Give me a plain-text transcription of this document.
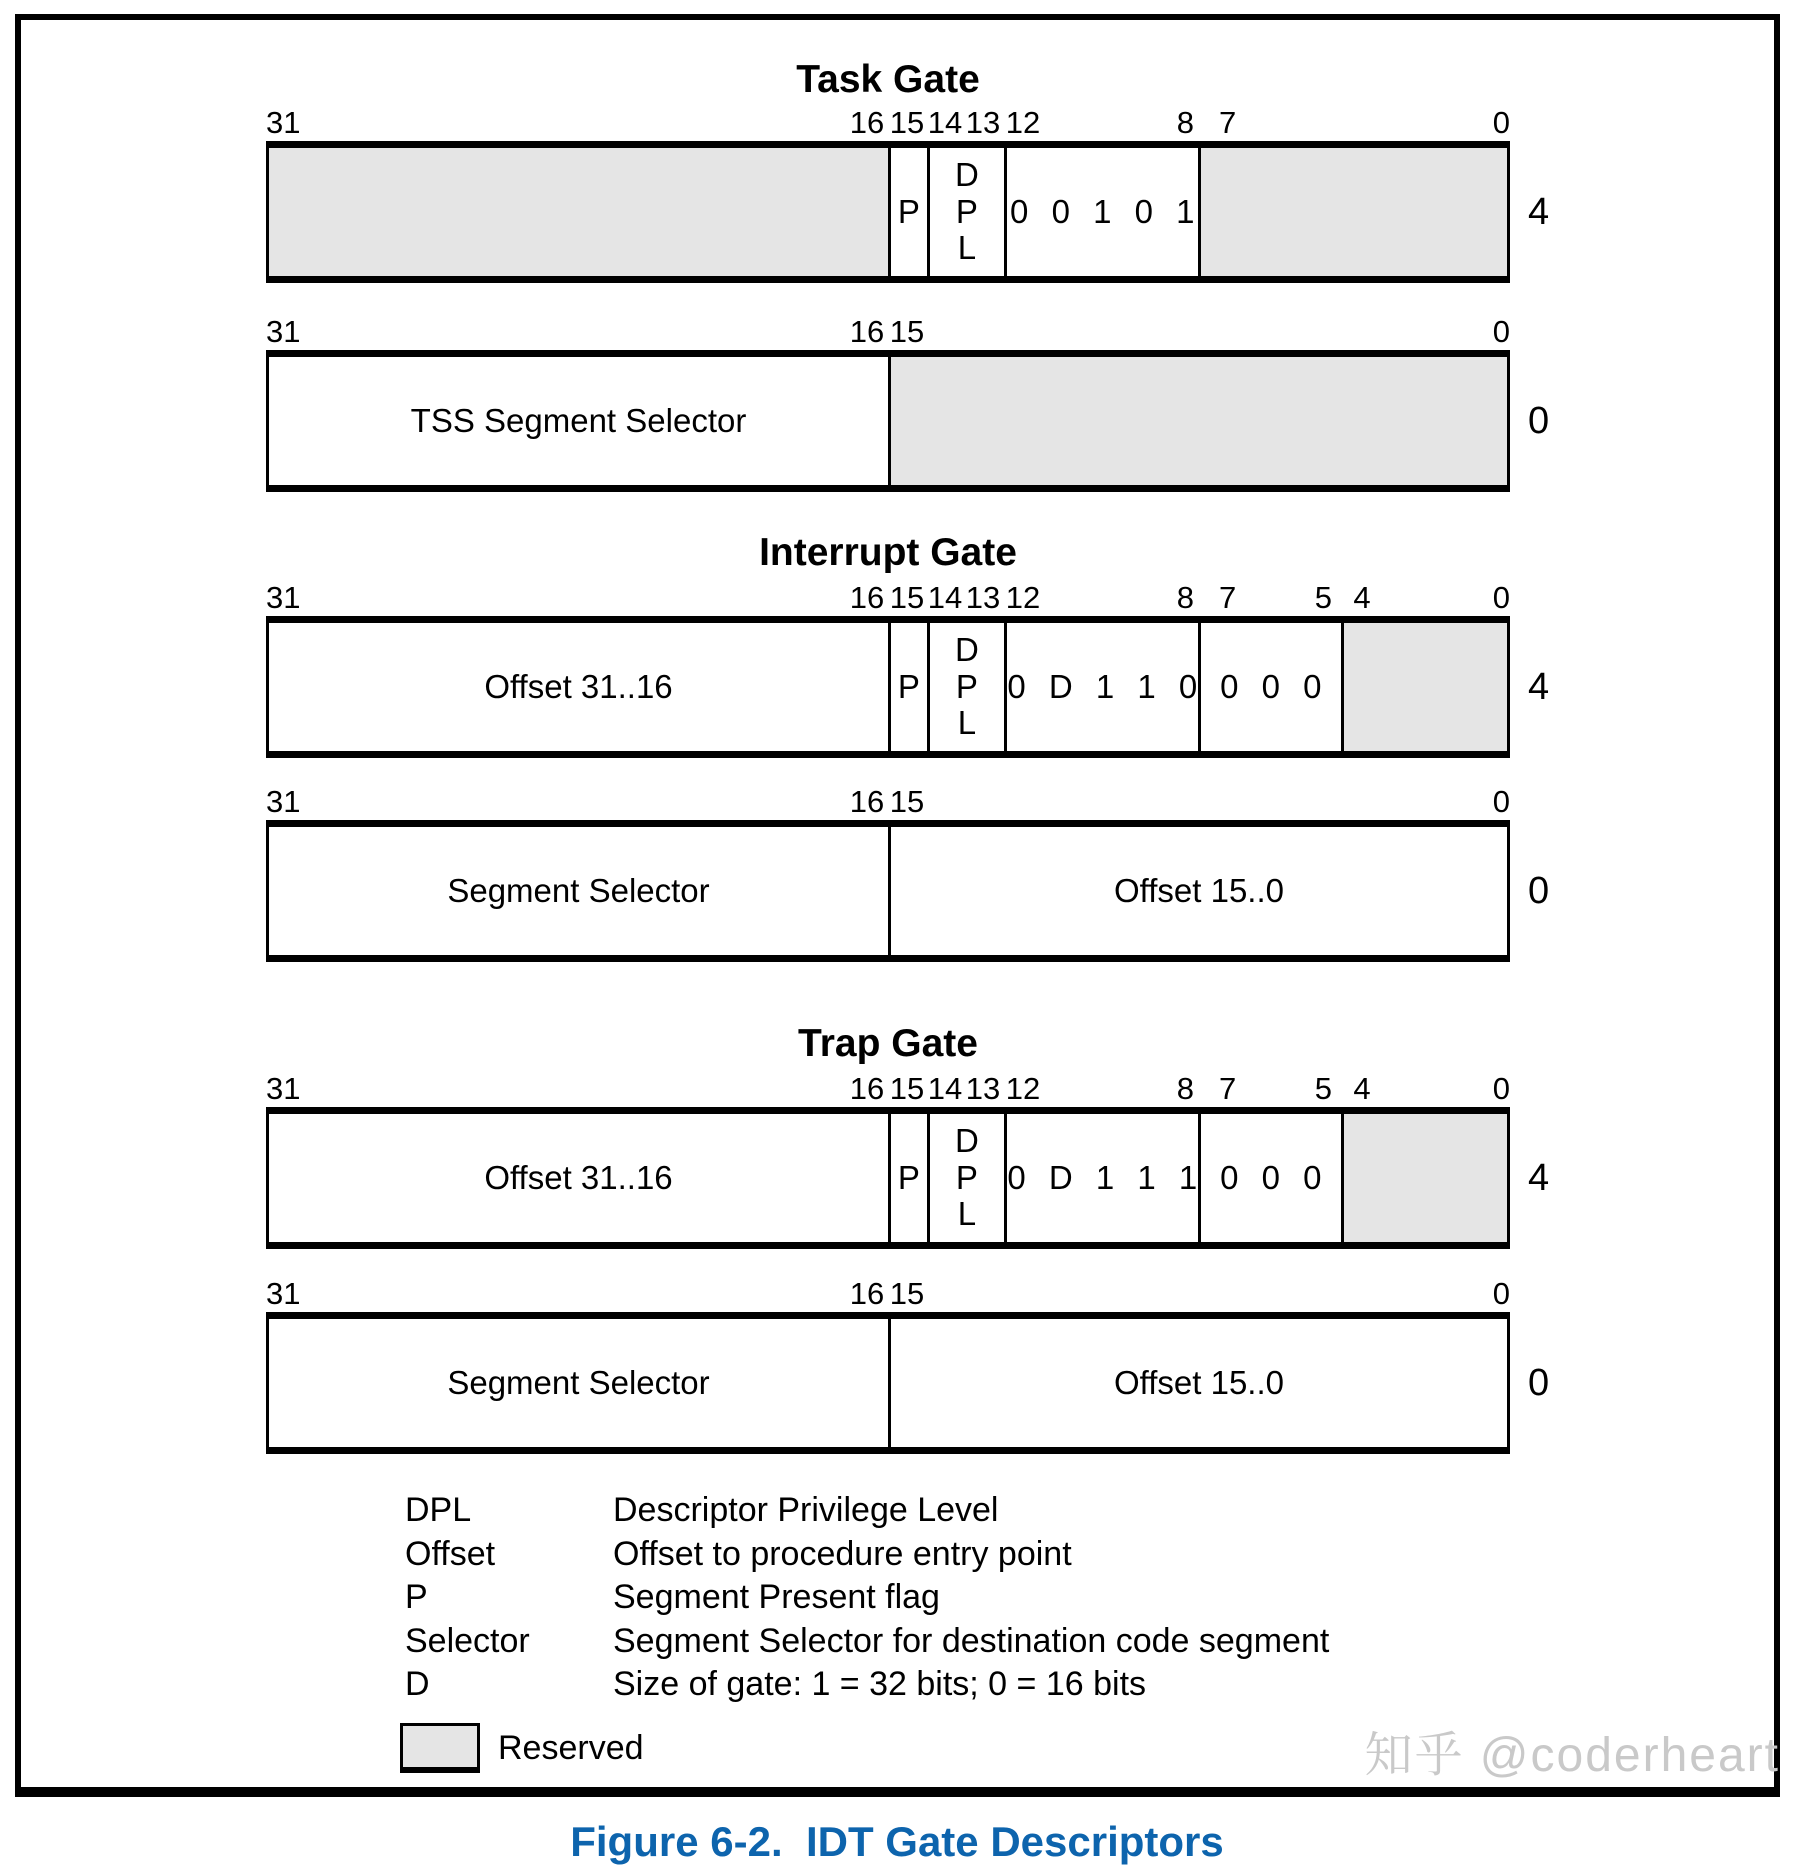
Task Gate
31	16 15 14 13 12	8 7	0
P
DPL
0 0 1 0 1	4
31	16 15	0
TSS Segment Selector	0
Interrupt Gate
31	16 15 14 13 12	8 7	5 4	0
Offset 31..16	P
DPL
0 D 1 1 0 0 0 0	4
31	16 15	0
Segment Selector	Offset 15..0	0
Trap Gate
31	16 15 14 13 12	8 7	5 4	0
Offset 31..16	P
DPL
0 D 1 1 1 0 0 0	4
31	16 15	0
Segment Selector	Offset 15..0	0
DPL	Descriptor Privilege Level
Offset	Offset to procedure entry point
P	Segment Present flag
Selector Segment Selector for destination code segment
D	Size of gate: 1 = 32 bits; 0 = 16 bits
Reserved	知乎 @coderheart
Figure 6-2.  IDT Gate Descriptors
